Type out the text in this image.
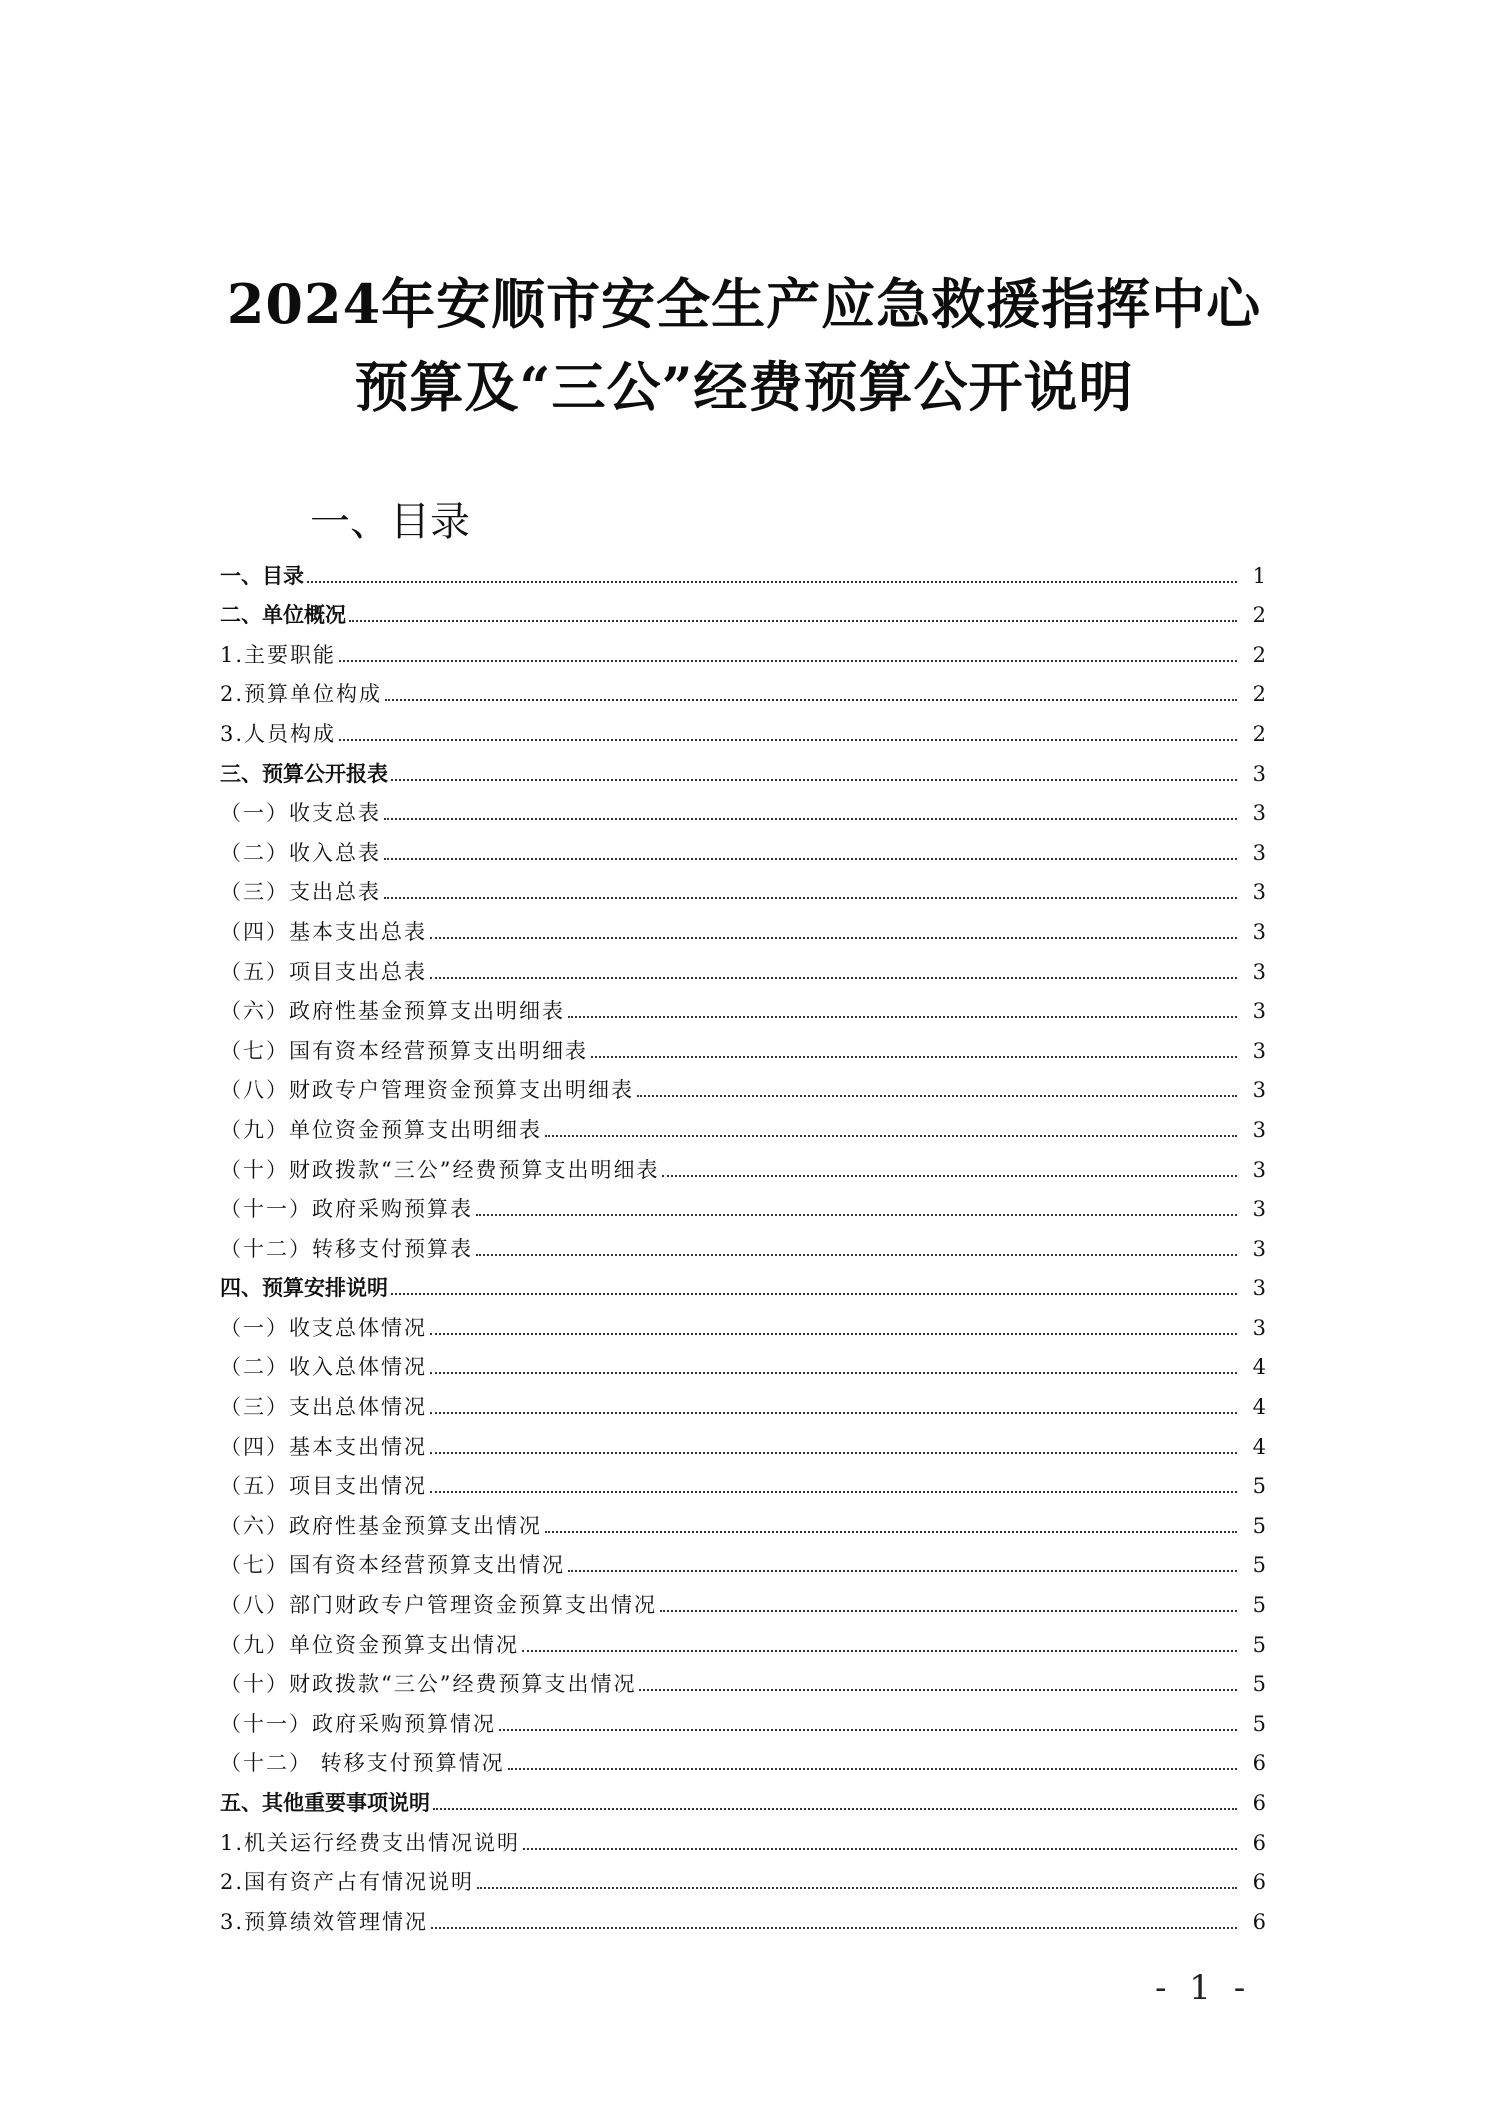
2024年安顺市安全生产应急救援指挥中心
预算及“三公”经费预算公开说明
一、目录
一、目录	1
二、单位概况	2
1.主要职能	2
2.预算单位构成	2
3.人员构成	2
三、预算公开报表	3
（一）收支总表	3
（二）收入总表	3
（三）支出总表	3
（四）基本支出总表	3
（五）项目支出总表	3
（六）政府性基金预算支出明细表	3
（七）国有资本经营预算支出明细表	3
（八）财政专户管理资金预算支出明细表	3
（九）单位资金预算支出明细表	3
（十）财政拨款“三公”经费预算支出明细表	3
（十一）政府采购预算表	3
（十二）转移支付预算表	3
四、预算安排说明	3
（一）收支总体情况	3
（二）收入总体情况	4
（三）支出总体情况	4
（四）基本支出情况	4
（五）项目支出情况	5
（六）政府性基金预算支出情况	5
（七）国有资本经营预算支出情况	5
（八）部门财政专户管理资金预算支出情况	5
（九）单位资金预算支出情况	5
（十）财政拨款“三公”经费预算支出情况	5
（十一）政府采购预算情况	5
（十二） 转移支付预算情况	6
五、其他重要事项说明	6
1.机关运行经费支出情况说明	6
2.国有资产占有情况说明	6
3.预算绩效管理情况	6
- 1 -
